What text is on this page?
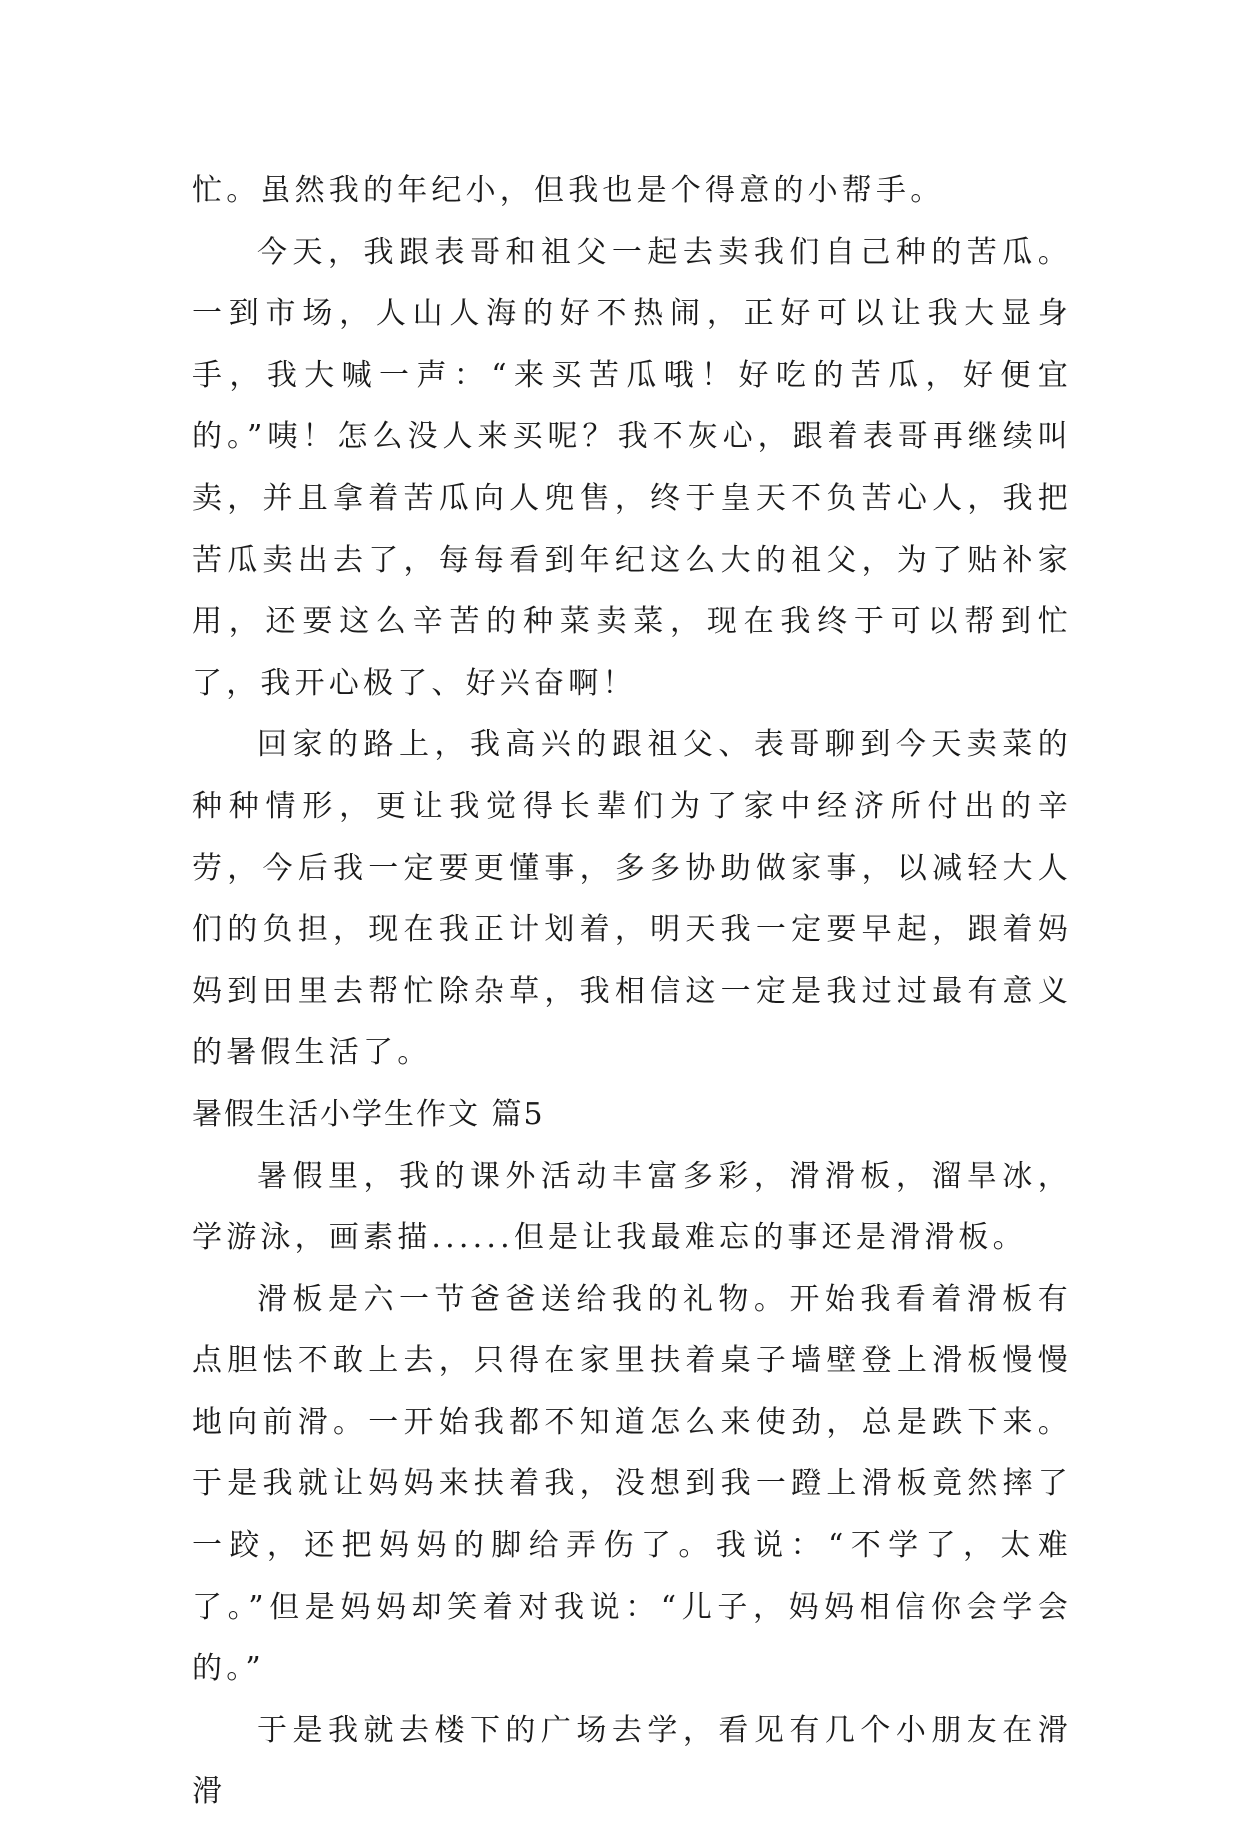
忙。虽然我的年纪小，但我也是个得意的小帮手。

今天，我跟表哥和祖父一起去卖我们自己种的苦瓜。一到市场，人山人海的好不热闹，正好可以让我大显身手，我大喊一声：“来买苦瓜哦！好吃的苦瓜，好便宜的。”咦！怎么没人来买呢？我不灰心，跟着表哥再继续叫卖，并且拿着苦瓜向人兜售，终于皇天不负苦心人，我把苦瓜卖出去了，每每看到年纪这么大的祖父，为了贴补家用，还要这么辛苦的种菜卖菜，现在我终于可以帮到忙了，我开心极了、好兴奋啊！

回家的路上，我高兴的跟祖父、表哥聊到今天卖菜的种种情形，更让我觉得长辈们为了家中经济所付出的辛劳，今后我一定要更懂事，多多协助做家事，以减轻大人们的负担，现在我正计划着，明天我一定要早起，跟着妈妈到田里去帮忙除杂草，我相信这一定是我过过最有意义的暑假生活了。

暑假生活小学生作文 篇5

暑假里，我的课外活动丰富多彩，滑滑板，溜旱冰，学游泳，画素描......但是让我最难忘的事还是滑滑板。

滑板是六一节爸爸送给我的礼物。开始我看着滑板有点胆怯不敢上去，只得在家里扶着桌子墙壁登上滑板慢慢地向前滑。一开始我都不知道怎么来使劲，总是跌下来。于是我就让妈妈来扶着我，没想到我一蹬上滑板竟然摔了一跤，还把妈妈的脚给弄伤了。我说：“不学了，太难了。”但是妈妈却笑着对我说：“儿子，妈妈相信你会学会的。”

于是我就去楼下的广场去学，看见有几个小朋友在滑滑
